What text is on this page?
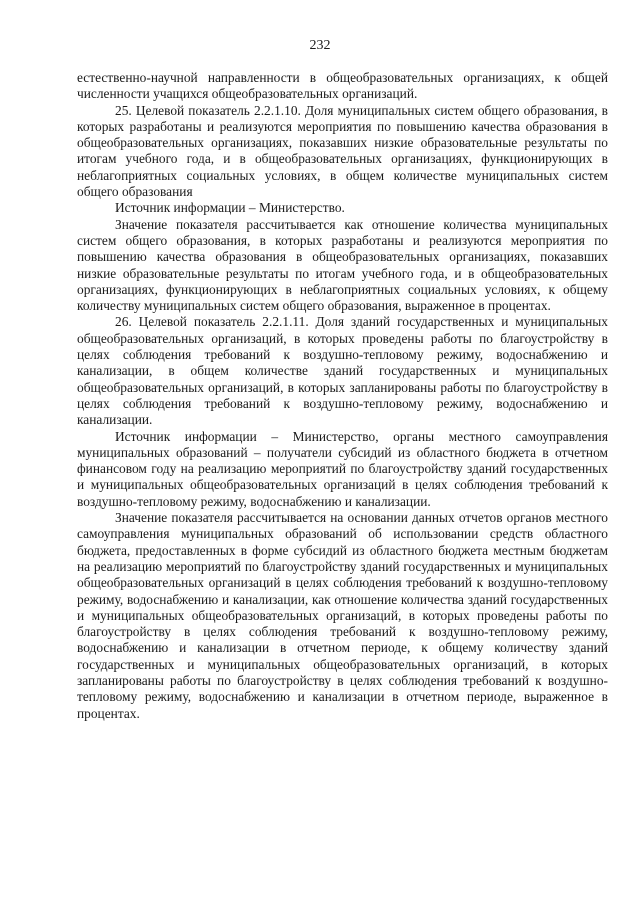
232

естественно-научной направленности в общеобразовательных организациях, к общей численности учащихся общеобразовательных организаций.

25. Целевой показатель 2.2.1.10. Доля муниципальных систем общего образования, в которых разработаны и реализуются мероприятия по повышению качества образования в общеобразовательных организациях, показавших низкие образовательные результаты по итогам учебного года, и в общеобразовательных организациях, функционирующих в неблагоприятных социальных условиях, в общем количестве муниципальных систем общего образования

Источник информации – Министерство.

Значение показателя рассчитывается как отношение количества муниципальных систем общего образования, в которых разработаны и реализуются мероприятия по повышению качества образования в общеобразовательных организациях, показавших низкие образовательные результаты по итогам учебного года, и в общеобразовательных организациях, функционирующих в неблагоприятных социальных условиях, к общему количеству муниципальных систем общего образования, выраженное в процентах.

26. Целевой показатель 2.2.1.11. Доля зданий государственных и муниципальных общеобразовательных организаций, в которых проведены работы по благоустройству в целях соблюдения требований к воздушно-тепловому режиму, водоснабжению и канализации, в общем количестве зданий государственных и муниципальных общеобразовательных организаций, в которых запланированы работы по благоустройству в целях соблюдения требований к воздушно-тепловому режиму, водоснабжению и канализации.

Источник информации – Министерство, органы местного самоуправления муниципальных образований – получатели субсидий из областного бюджета в отчетном финансовом году на реализацию мероприятий по благоустройству зданий государственных и муниципальных общеобразовательных организаций в целях соблюдения требований к воздушно-тепловому режиму, водоснабжению и канализации.

Значение показателя рассчитывается на основании данных отчетов органов местного самоуправления муниципальных образований об использовании средств областного бюджета, предоставленных в форме субсидий из областного бюджета местным бюджетам на реализацию мероприятий по благоустройству зданий государственных и муниципальных общеобразовательных организаций в целях соблюдения требований к воздушно-тепловому режиму, водоснабжению и канализации, как отношение количества зданий государственных и муниципальных общеобразовательных организаций, в которых проведены работы по благоустройству в целях соблюдения требований к воздушно-тепловому режиму, водоснабжению и канализации в отчетном периоде, к общему количеству зданий государственных и муниципальных общеобразовательных организаций, в которых запланированы работы по благоустройству в целях соблюдения требований к воздушно-тепловому режиму, водоснабжению и канализации в отчетном периоде, выраженное в процентах.
